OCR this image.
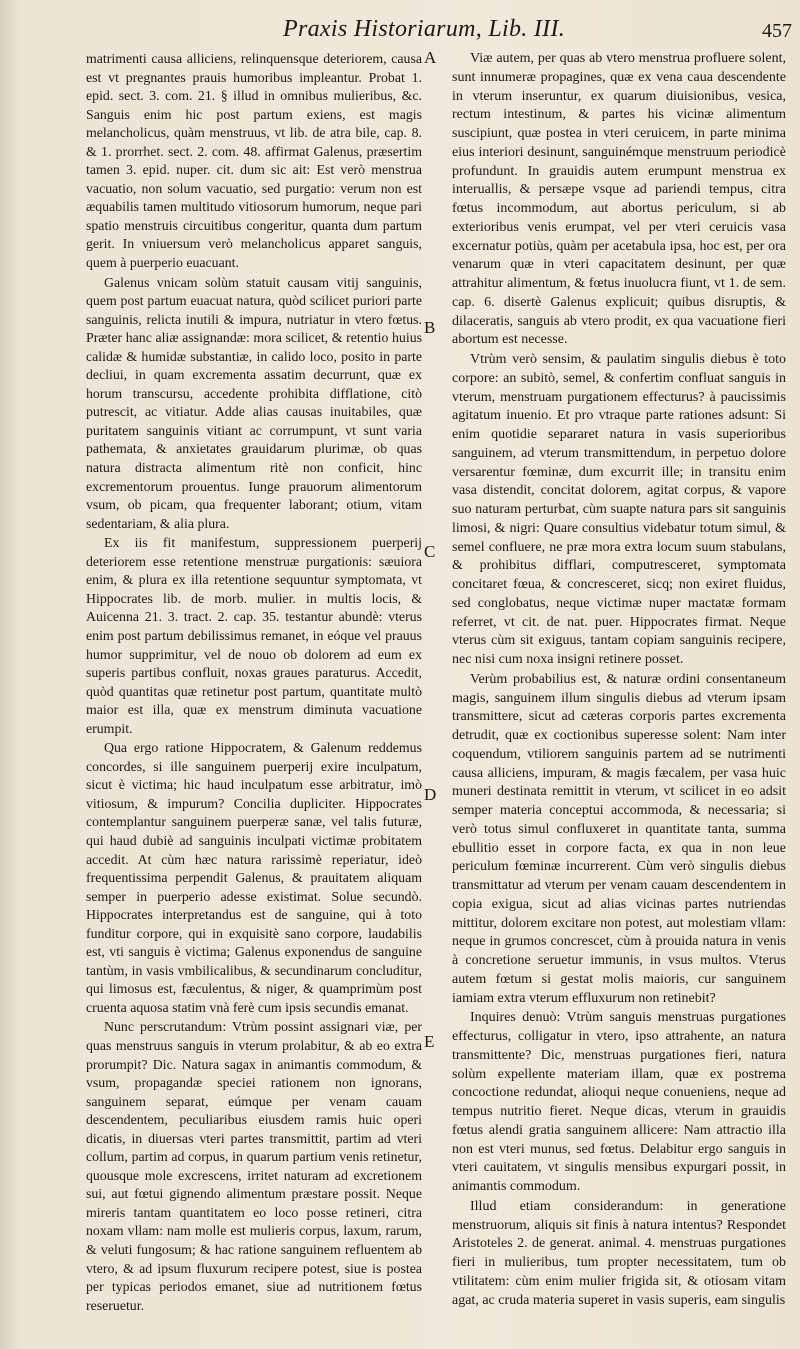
Praxis Historiarum, Lib. III.	457
A
B
C
D
E

matrimenti causa alliciens, relinquensque deteriorem, causa est vt pregnantes prauis humoribus impleantur. Probat 1. epid. sect. 3. com. 21. § illud in omnibus mulieribus, &c. Sanguis enim hic post partum exiens, est magis melancholicus, quàm menstruus, vt lib. de atra bile, cap. 8. & 1. prorrhet. sect. 2. com. 48. affirmat Galenus, præsertim tamen 3. epid. nuper. cit. dum sic ait: Est verò menstrua vacuatio, non solum vacuatio, sed purgatio: verum non est æquabilis tamen multitudo vitiosorum humorum, neque pari spatio menstruis circuitibus congeritur, quanta dum partum gerit. In vniuersum verò melancholicus apparet sanguis, quem à puerperio euacuant.

Galenus vnicam solùm statuit causam vitij sanguinis, quem post partum euacuat natura, quòd scilicet puriori parte sanguinis, relicta inutili & impura, nutriatur in vtero fœtus. Præter hanc aliæ assignandæ: mora scilicet, & retentio huius calidæ & humidæ substantiæ, in calido loco, posito in parte decliui, in quam excrementa assatim decurrunt, quæ ex horum transcursu, accedente prohibita difflatione, citò putrescit, ac vitiatur. Adde alias causas inuitabiles, quæ puritatem sanguinis vitiant ac corrumpunt, vt sunt varia pathemata, & anxietates grauidarum plurimæ, ob quas natura distracta alimentum ritè non conficit, hinc excrementorum prouentus. Iunge prauorum alimentorum vsum, ob picam, qua frequenter laborant; otium, vitam sedentariam, & alia plura.

Ex iis fit manifestum, suppressionem puerperij deteriorem esse retentione menstruæ purgationis: sæuiora enim, & plura ex illa retentione sequuntur symptomata, vt Hippocrates lib. de morb. mulier. in multis locis, & Auicenna 21. 3. tract. 2. cap. 35. testantur abundè: vterus enim post partum debilissimus remanet, in eóque vel prauus humor supprimitur, vel de nouo ob dolorem ad eum ex superis partibus confluit, noxas graues paraturus. Accedit, quòd quantitas quæ retinetur post partum, quantitate multò maior est illa, quæ ex menstrum diminuta vacuatione erumpit.

Qua ergo ratione Hippocratem, & Galenum reddemus concordes, si ille sanguinem puerperij exire inculpatum, sicut è victima; hic haud inculpatum esse arbitratur, imò vitiosum, & impurum? Concilia dupliciter. Hippocrates contemplantur sanguinem puerperæ sanæ, vel talis futuræ, qui haud dubiè ad sanguinis inculpati victimæ probitatem accedit. At cùm hæc natura rarissimè reperiatur, ideò frequentissima perpendit Galenus, & prauitatem aliquam semper in puerperio adesse existimat. Solue secundò. Hippocrates interpretandus est de sanguine, qui à toto funditur corpore, qui in exquisitè sano corpore, laudabilis est, vti sanguis è victima; Galenus exponendus de sanguine tantùm, in vasis vmbilicalibus, & secundinarum concluditur, qui limosus est, fæculentus, & niger, & quamprimùm post cruenta aquosa statim vnà ferè cum ipsis secundis emanat.

Nunc perscrutandum: Vtrùm possint assignari viæ, per quas menstruus sanguis in vterum prolabitur, & ab eo extra prorumpit? Dic. Natura sagax in animantis commodum, & vsum, propagandæ speciei rationem non ignorans, sanguinem separat, eúmque per venam cauam descendentem, peculiaribus eiusdem ramis huic operi dicatis, in diuersas vteri partes transmittit, partim ad vteri collum, partim ad corpus, in quarum partium venis retinetur, quousque mole excrescens, irritet naturam ad excretionem sui, aut fœtui gignendo alimentum præstare possit. Neque mireris tantam quantitatem eo loco posse retineri, citra noxam vllam: nam molle est mulieris corpus, laxum, rarum, & veluti fungosum; & hac ratione sanguinem refluentem ab vtero, & ad ipsum fluxurum recipere potest, siue is postea per typicas periodos emanet, siue ad nutritionem fœtus reseruetur.

Viæ autem, per quas ab vtero menstrua profluere solent, sunt innumeræ propagines, quæ ex vena caua descendente in vterum inseruntur, ex quarum diuisionibus, vesica, rectum intestinum, & partes his vicinæ alimentum suscipiunt, quæ postea in vteri ceruicem, in parte minima eius interiori desinunt, sanguinémque menstruum periodicè profundunt. In grauidis autem erumpunt menstrua ex interuallis, & persæpe vsque ad pariendi tempus, citra fœtus incommodum, aut abortus periculum, si ab exterioribus venis erumpat, vel per vteri ceruicis vasa excernatur potiùs, quàm per acetabula ipsa, hoc est, per ora venarum quæ in vteri capacitatem desinunt, per quæ attrahitur alimentum, & fœtus inuolucra fiunt, vt 1. de sem. cap. 6. disertè Galenus explicuit; quibus disruptis, & dilaceratis, sanguis ab vtero prodit, ex qua vacuatione fieri abortum est necesse.

Vtrùm verò sensim, & paulatim singulis diebus è toto corpore: an subitò, semel, & confertim confluat sanguis in vterum, menstruam purgationem effecturus? à paucissimis agitatum inuenio. Et pro vtraque parte rationes adsunt: Si enim quotidie separaret natura in vasis superioribus sanguinem, ad vterum transmittendum, in perpetuo dolore versarentur fœminæ, dum excurrit ille; in transitu enim vasa distendit, concitat dolorem, agitat corpus, & vapore suo naturam perturbat, cùm suapte natura pars sit sanguinis limosi, & nigri: Quare consultius videbatur totum simul, & semel confluere, ne præ mora extra locum suum stabulans, & prohibitus difflari, computresceret, symptomata concitaret fœua, & concresceret, sicq; non exiret fluidus, sed conglobatus, neque victimæ nuper mactatæ formam referret, vt cit. de nat. puer. Hippocrates firmat. Neque vterus cùm sit exiguus, tantam copiam sanguinis recipere, nec nisi cum noxa insigni retinere posset.

Verùm probabilius est, & naturæ ordini consentaneum magis, sanguinem illum singulis diebus ad vterum ipsam transmittere, sicut ad cæteras corporis partes excrementa detrudit, quæ ex coctionibus superesse solent: Nam inter coquendum, vtiliorem sanguinis partem ad se nutrimenti causa alliciens, impuram, & magis fæcalem, per vasa huic muneri destinata remittit in vterum, vt scilicet in eo adsit semper materia conceptui accommoda, & necessaria; si verò totus simul confluxeret in quantitate tanta, summa ebullitio esset in corpore facta, ex qua in non leue periculum fœminæ incurrerent. Cùm verò singulis diebus transmittatur ad vterum per venam cauam descendentem in copia exigua, sicut ad alias vicinas partes nutriendas mittitur, dolorem excitare non potest, aut molestiam vllam: neque in grumos concrescet, cùm à prouida natura in venis à concretione seruetur immunis, in vsus multos. Vterus autem fœtum si gestat molis maioris, cur sanguinem iamiam extra vterum effluxurum non retinebit?

Inquires denuò: Vtrùm sanguis menstruas purgationes effecturus, colligatur in vtero, ipso attrahente, an natura transmittente? Dic, menstruas purgationes fieri, natura solùm expellente materiam illam, quæ ex postrema concoctione redundat, alioqui neque conueniens, neque ad tempus nutritio fieret. Neque dicas, vterum in grauidis fœtus alendi gratia sanguinem allicere: Nam attractio illa non est vteri munus, sed fœtus. Delabitur ergo sanguis in vteri cauitatem, vt singulis mensibus expurgari possit, in animantis commodum.

Illud etiam considerandum: in generatione menstruorum, aliquis sit finis à natura intentus? Respondet Aristoteles 2. de generat. animal. 4. menstruas purgationes fieri in mulieribus, tum propter necessitatem, tum ob vtilitatem: cùm enim mulier frigida sit, & otiosam vitam agat, ac cruda materia superet in vasis superis, eam singulis
